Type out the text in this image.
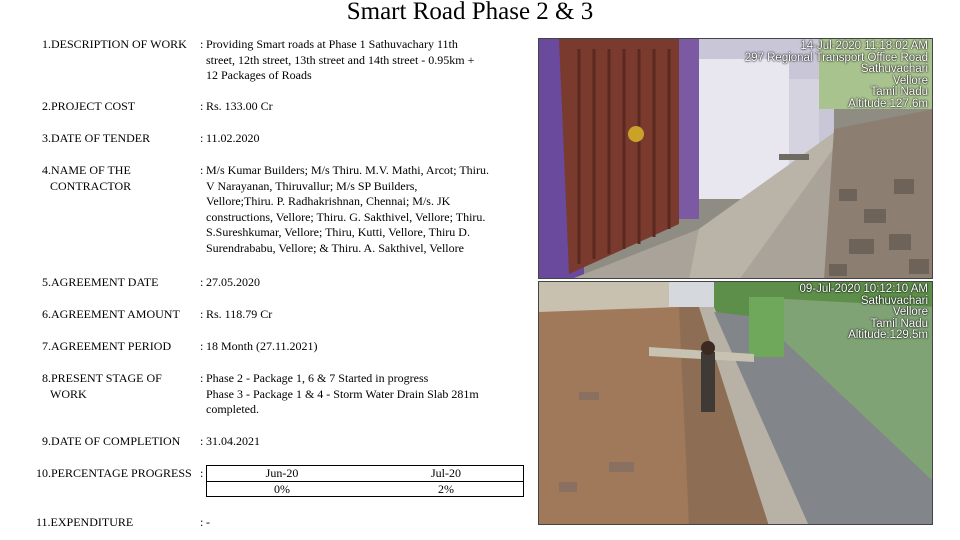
Smart Road Phase 2 & 3
1.DESCRIPTION OF WORK	: Providing Smart roads at Phase 1 Sathuvachary 11th
street, 12th street, 13th street and 14th street - 0.95km +
12 Packages of Roads
2.PROJECT COST	: Rs. 133.00 Cr
3.DATE OF TENDER	: 11.02.2020
4.NAME OF THE
CONTRACTOR
: M/s Kumar Builders; M/s Thiru. M.V. Mathi, Arcot; Thiru.
V Narayanan, Thiruvallur; M/s SP Builders,
Vellore;Thiru. P. Radhakrishnan, Chennai; M/s. JK
constructions, Vellore; Thiru. G. Sakthivel, Vellore; Thiru.
S.Sureshkumar, Vellore; Thiru, Kutti, Vellore, Thiru D.
Surendrababu, Vellore; & Thiru. A. Sakthivel, Vellore
5.AGREEMENT DATE	: 27.05.2020
6.AGREEMENT AMOUNT	: Rs. 118.79 Cr
7.AGREEMENT PERIOD	: 18 Month (27.11.2021)
8.PRESENT STAGE OF
WORK
: Phase 2 - Package 1, 6 & 7 Started in progress
Phase 3 - Package 1 & 4 - Storm Water Drain Slab 281m
completed.
9.DATE OF COMPLETION	: 31.04.2021
10.PERCENTAGE PROGRESS :	Jun-20	Jul-20
0%	2%
11.EXPENDITURE	: -
14-Jul-2020 11:18:02 AM
297 Regional Transport Office Road
Sathuvachari
Vellore
Tamil Nadu
Altitude:127.6m
09-Jul-2020 10:12:10 AM
Sathuvachari
Vellore
Tamil Nadu
Altitude:129.5m
